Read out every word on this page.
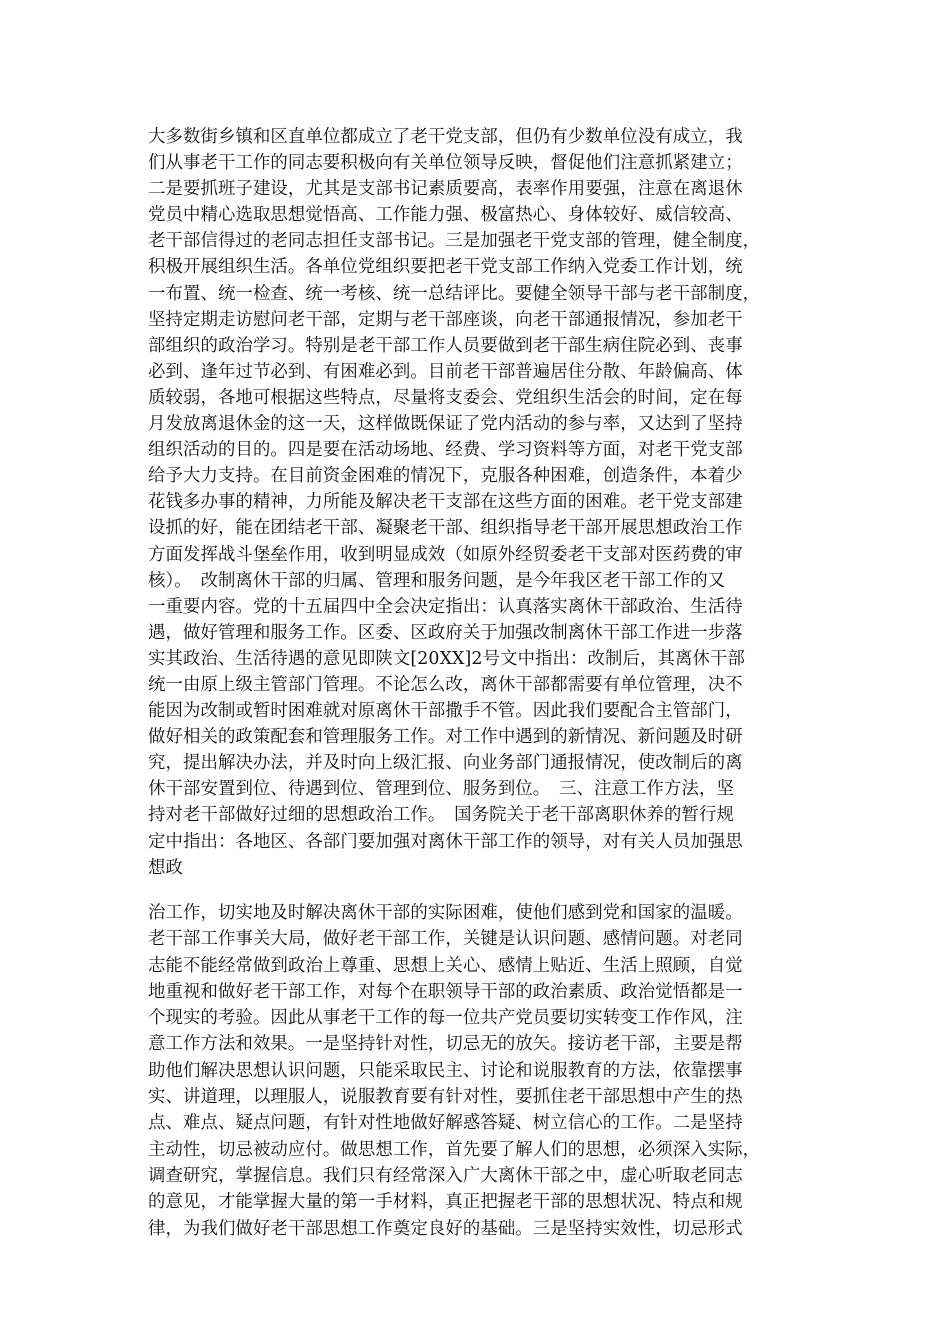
大多数街乡镇和区直单位都成立了老干党支部，但仍有少数单位没有成立，我
们从事老干工作的同志要积极向有关单位领导反映，督促他们注意抓紧建立；
二是要抓班子建设，尤其是支部书记素质要高，表率作用要强，注意在离退休
党员中精心选取思想觉悟高、工作能力强、极富热心、身体较好、威信较高、
老干部信得过的老同志担任支部书记。三是加强老干党支部的管理，健全制度，
积极开展组织生活。各单位党组织要把老干党支部工作纳入党委工作计划，统
一布置、统一检查、统一考核、统一总结评比。要健全领导干部与老干部制度，
坚持定期走访慰问老干部，定期与老干部座谈，向老干部通报情况，参加老干
部组织的政治学习。特别是老干部工作人员要做到老干部生病住院必到、丧事
必到、逢年过节必到、有困难必到。目前老干部普遍居住分散、年龄偏高、体
质较弱，各地可根据这些特点，尽量将支委会、党组织生活会的时间，定在每
月发放离退休金的这一天，这样做既保证了党内活动的参与率，又达到了坚持
组织活动的目的。四是要在活动场地、经费、学习资料等方面，对老干党支部
给予大力支持。在目前资金困难的情况下，克服各种困难，创造条件，本着少
花钱多办事的精神，力所能及解决老干支部在这些方面的困难。老干党支部建
设抓的好，能在团结老干部、凝聚老干部、组织指导老干部开展思想政治工作
方面发挥战斗堡垒作用，收到明显成效（如原外经贸委老干支部对医药费的审
核）。　改制离休干部的归属、管理和服务问题，是今年我区老干部工作的又
一重要内容。党的十五届四中全会决定指出：认真落实离休干部政治、生活待
遇，做好管理和服务工作。区委、区政府关于加强改制离休干部工作进一步落
实其政治、生活待遇的意见即陕文[20XX]2号文中指出：改制后，其离休干部
统一由原上级主管部门管理。不论怎么改，离休干部都需要有单位管理，决不
能因为改制或暂时困难就对原离休干部撒手不管。因此我们要配合主管部门，
做好相关的政策配套和管理服务工作。对工作中遇到的新情况、新问题及时研
究，提出解决办法，并及时向上级汇报、向业务部门通报情况，使改制后的离
休干部安置到位、待遇到位、管理到位、服务到位。　三、注意工作方法，坚
持对老干部做好过细的思想政治工作。　国务院关于老干部离职休养的暂行规
定中指出：各地区、各部门要加强对离休干部工作的领导，对有关人员加强思
想政
治工作，切实地及时解决离休干部的实际困难，使他们感到党和国家的温暖。
老干部工作事关大局，做好老干部工作，关键是认识问题、感情问题。对老同
志能不能经常做到政治上尊重、思想上关心、感情上贴近、生活上照顾，自觉
地重视和做好老干部工作，对每个在职领导干部的政治素质、政治觉悟都是一
个现实的考验。因此从事老干工作的每一位共产党员要切实转变工作作风，注
意工作方法和效果。一是坚持针对性，切忌无的放矢。接访老干部，主要是帮
助他们解决思想认识问题，只能采取民主、讨论和说服教育的方法，依靠摆事
实、讲道理，以理服人，说服教育要有针对性，要抓住老干部思想中产生的热
点、难点、疑点问题，有针对性地做好解惑答疑、树立信心的工作。二是坚持
主动性，切忌被动应付。做思想工作，首先要了解人们的思想，必须深入实际，
调查研究，掌握信息。我们只有经常深入广大离休干部之中，虚心听取老同志
的意见，才能掌握大量的第一手材料，真正把握老干部的思想状况、特点和规
律，为我们做好老干部思想工作奠定良好的基础。三是坚持实效性，切忌形式
